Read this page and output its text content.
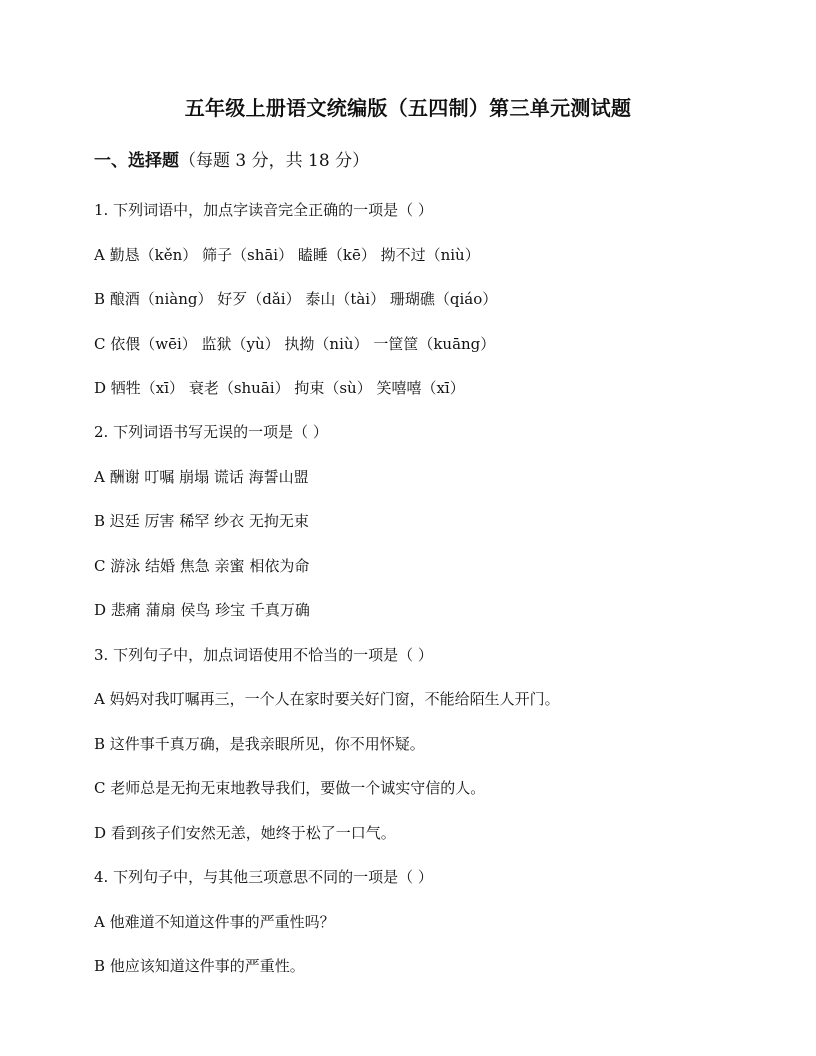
五年级上册语文统编版（五四制）第三单元测试题
一、选择题（每题 3 分，共 18 分）
1. 下列词语中，加点字读音完全正确的一项是（ ）
A 勤恳（kěn） 筛子（shāi） 瞌睡（kē） 拗不过（niù）
B 酿酒（niàng） 好歹（dǎi） 泰山（tài） 珊瑚礁（qiáo）
C 依偎（wēi） 监狱（yù） 执拗（niù） 一筐筐（kuāng）
D 牺牲（xī） 衰老（shuāi） 拘束（sù） 笑嘻嘻（xī）
2. 下列词语书写无误的一项是（ ）
A 酬谢 叮嘱 崩塌 谎话 海誓山盟
B 迟廷 厉害 稀罕 纱衣 无拘无束
C 游泳 结婚 焦急 亲蜜 相依为命
D 悲痛 蒲扇 侯鸟 珍宝 千真万确
3. 下列句子中，加点词语使用不恰当的一项是（ ）
A 妈妈对我叮嘱再三，一个人在家时要关好门窗，不能给陌生人开门。
B 这件事千真万确，是我亲眼所见，你不用怀疑。
C 老师总是无拘无束地教导我们，要做一个诚实守信的人。
D 看到孩子们安然无恙，她终于松了一口气。
4. 下列句子中，与其他三项意思不同的一项是（ ）
A 他难道不知道这件事的严重性吗？
B 他应该知道这件事的严重性。
